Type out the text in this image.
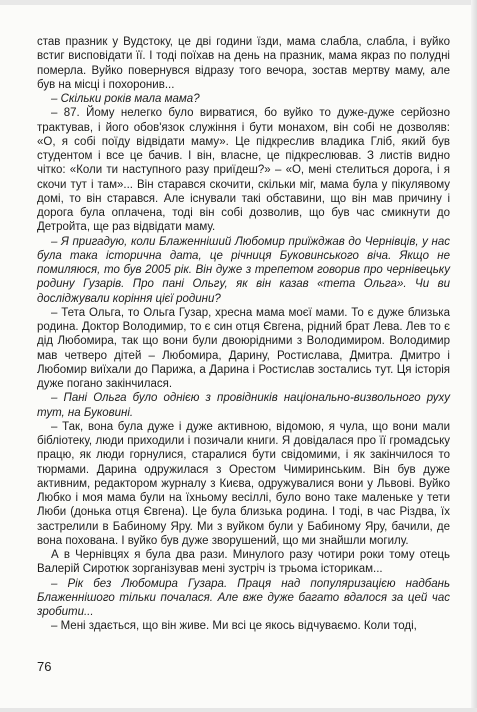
став празник у Вудстоку, це дві години їзди, мама слабла, слабла, і вуйко встиг висповідати її. І тоді поїхав на день на празник, мама якраз по полудні померла. Вуйко повернувся відразу того вечора, зостав мертву маму, але був на місці і похоронив...

– Скільки років мала мама?

– 87. Йому нелегко було вирватися, бо вуйко то дуже-дуже серйозно трактував, і його обов'язок служіння і бути монахом, він собі не дозволяв: «О, я собі поїду відвідати маму». Це підкреслив владика Гліб, який був студентом і все це бачив. І він, власне, це підкреслював. З листів видно чітко: «Коли ти наступного разу приїдеш?» – «О, мені стелиться дорога, і я скочи тут і там»... Він старався скочити, скільки міг, мама була у пікулявому домі, то він старався. Але існували такі обставини, що він мав причину і дорога була оплачена, тоді він собі дозволив, що був час смикнути до Детройта, ще раз відвідати маму.

– Я пригадую, коли Блаженніший Любомир приїжджав до Чернівців, у нас була така історична дата, це річниця Буковинського віча. Якщо не помиляюся, то був 2005 рік. Він дуже з трепетом говорив про чернівецьку родину Гузарів. Про пані Ольгу, як він казав «тета Ольга». Чи ви досліджували коріння цієї родини?

– Тета Ольга, то Ольга Гузар, хресна мама моєї мами. То є дуже близька родина. Доктор Володимир, то є син отця Євгена, рідний брат Лева. Лев то є дід Любомира, так що вони були двоюрідними з Володимиром. Володимир мав четверо дітей – Любомира, Дарину, Ростислава, Дмитра. Дмитро і Любомир виїхали до Парижа, а Дарина і Ростислав зостались тут. Ця історія дуже погано закінчилася.

– Пані Ольга було однією з провідників національно-визвольного руху тут, на Буковині.

– Так, вона була дуже і дуже активною, відомою, я чула, що вони мали бібліотеку, люди приходили і позичали книги. Я довідалася про її громадську працю, як люди горнулися, старалися бути свідомими, і як закінчилося то тюрмами. Дарина одружилася з Орестом Чимиринським. Він був дуже активним, редактором журналу з Києва, одружувалися вони у Львові. Вуйко Любко і моя мама були на їхньому весіллі, було воно таке маленьке у тети Люби (донька отця Євгена). Це була близька родина. І тоді, в час Різдва, їх застрелили в Бабиному Яру. Ми з вуйком були у Бабиному Яру, бачили, де вона похована. І вуйко був дуже зворушений, що ми знайшли могилу.

А в Чернівцях я була два рази. Минулого разу чотири роки тому отець Валерій Сиротюк зорганізував мені зустріч із трьома історикам...

– Рік без Любомира Гузара. Праця над популяризацією надбань Блаженнішого тільки почалася. Але вже дуже багато вдалося за цей час зробити...

– Мені здається, що він живе. Ми всі це якось відчуваємо. Коли тоді,

76
